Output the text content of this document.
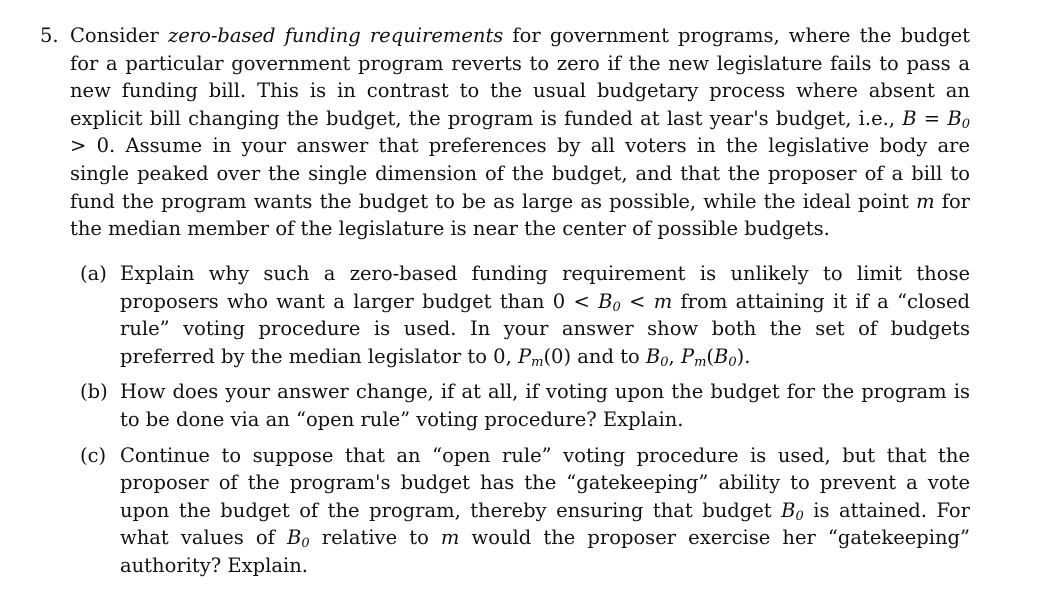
5. Consider zero-based funding requirements for government programs, where the budget for a particular government program reverts to zero if the new legislature fails to pass a new funding bill. This is in contrast to the usual budgetary process where absent an explicit bill changing the budget, the program is funded at last year's budget, i.e., $B = B_0 > 0$. Assume in your answer that preferences by all voters in the legislative body are single peaked over the single dimension of the budget, and that the proposer of a bill to fund the program wants the budget to be as large as possible, while the ideal point m for the median member of the legislature is near the center of possible budgets.
(a) Explain why such a zero-based funding requirement is unlikely to limit those proposers who want a larger budget than $0 < B_0 < m$ from attaining it if a “closed rule” voting procedure is used. In your answer show both the set of budgets preferred by the median legislator to 0, $P_m(0)$ and to $B_0$, $P_m(B_0)$.
(b) How does your answer change, if at all, if voting upon the budget for the program is to be done via an “open rule” voting procedure? Explain.
(c) Continue to suppose that an “open rule” voting procedure is used, but that the proposer of the program's budget has the “gatekeeping” ability to prevent a vote upon the budget of the program, thereby ensuring that budget $B_0$ is attained. For what values of $B_0$ relative to m would the proposer exercise her “gatekeeping” authority? Explain.
